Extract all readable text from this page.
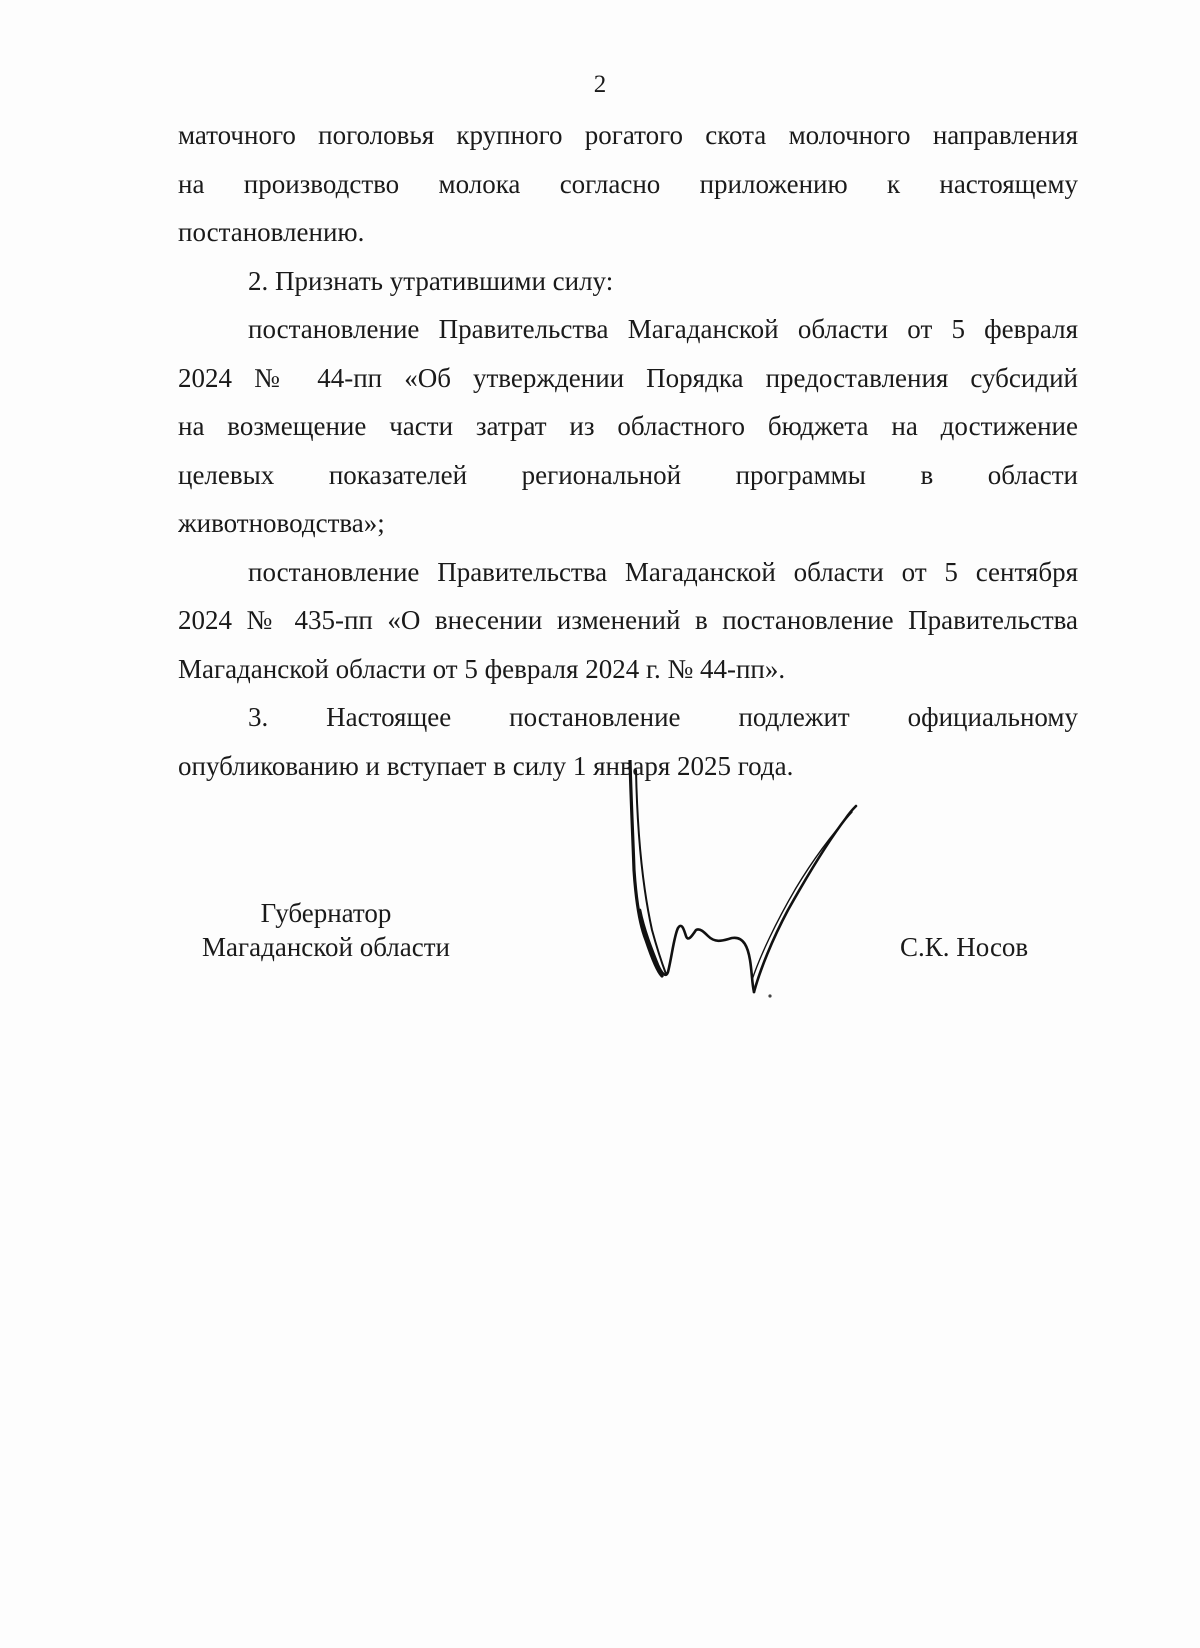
2
маточного поголовья крупного рогатого скота молочного направления
на производство молока согласно приложению к настоящему
постановлению.
2. Признать утратившими силу:
постановление Правительства Магаданской области от 5 февраля
2024 № 44-пп «Об утверждении Порядка предоставления субсидий
на возмещение части затрат из областного бюджета на достижение
целевых показателей региональной программы в области
животноводства»;
постановление Правительства Магаданской области от 5 сентября
2024 № 435-пп «О внесении изменений в постановление Правительства
Магаданской области от 5 февраля 2024 г. № 44-пп».
3. Настоящее постановление подлежит официальному
опубликованию и вступает в силу 1 января 2025 года.
Губернатор
Магаданской области	С.К. Носов
